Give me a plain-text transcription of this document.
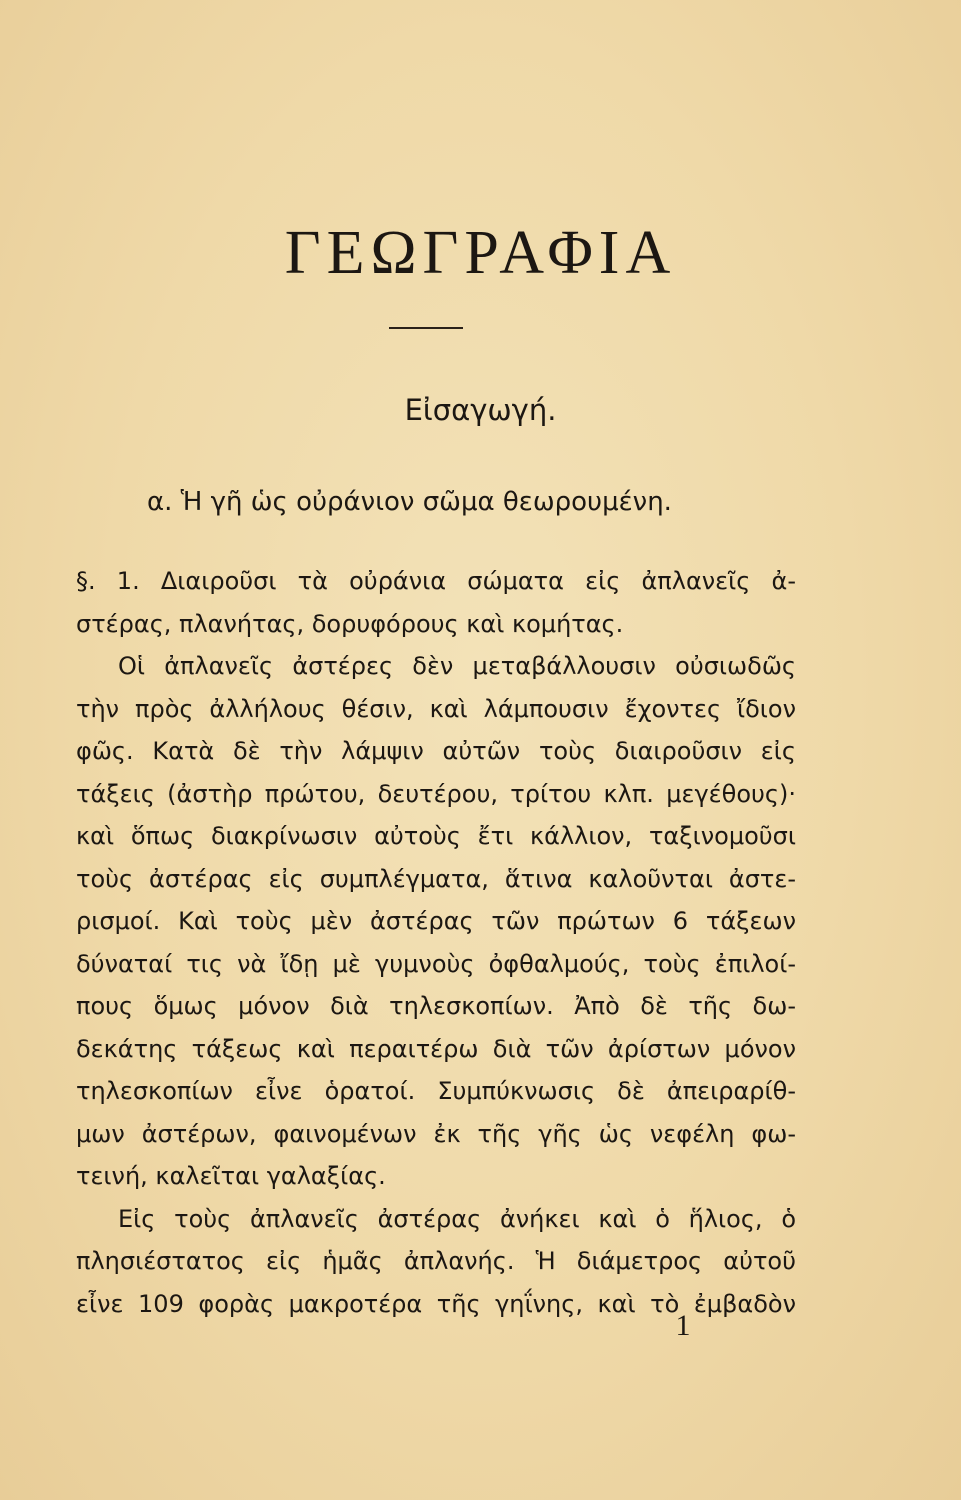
ΓΕΩΓΡΑΦΙΑ
Εἰσαγωγή.
α. Ἡ γῆ ὡς οὐράνιον σῶμα θεωρουμένη.
§. 1. Διαιροῦσι τὰ οὐράνια σώματα εἰς ἀπλανεῖς ἀ-
στέρας, πλανήτας, δορυφόρους καὶ κομήτας.
Οἱ ἀπλανεῖς ἀστέρες δὲν μεταβάλλουσιν οὐσιωδῶς
τὴν πρὸς ἀλλήλους θέσιν, καὶ λάμπουσιν ἔχοντες ἴδιον
φῶς. Κατὰ δὲ τὴν λάμψιν αὐτῶν τοὺς διαιροῦσιν εἰς
τάξεις (ἀστὴρ πρώτου, δευτέρου, τρίτου κλπ. μεγέθους)·
καὶ ὅπως διακρίνωσιν αὐτοὺς ἔτι κάλλιον, ταξινομοῦσι
τοὺς ἀστέρας εἰς συμπλέγματα, ἅτινα καλοῦνται ἀστε-
ρισμοί. Καὶ τοὺς μὲν ἀστέρας τῶν πρώτων 6 τάξεων
δύναταί τις νὰ ἴδῃ μὲ γυμνοὺς ὀφθαλμούς, τοὺς ἐπιλοί-
πους ὅμως μόνον διὰ τηλεσκοπίων. Ἀπὸ δὲ τῆς δω-
δεκάτης τάξεως καὶ περαιτέρω διὰ τῶν ἀρίστων μόνον
τηλεσκοπίων εἶνε ὁρατοί. Συμπύκνωσις δὲ ἀπειραρίθ-
μων ἀστέρων, φαινομένων ἐκ τῆς γῆς ὡς νεφέλη φω-
τεινή, καλεῖται γαλαξίας.
Εἰς τοὺς ἀπλανεῖς ἀστέρας ἀνήκει καὶ ὁ ἥλιος, ὁ
πλησιέστατος εἰς ἡμᾶς ἀπλανής. Ἡ διάμετρος αὐτοῦ
εἶνε 109 φορὰς μακροτέρα τῆς γηΐνης, καὶ τὸ ἐμβαδὸν
1
